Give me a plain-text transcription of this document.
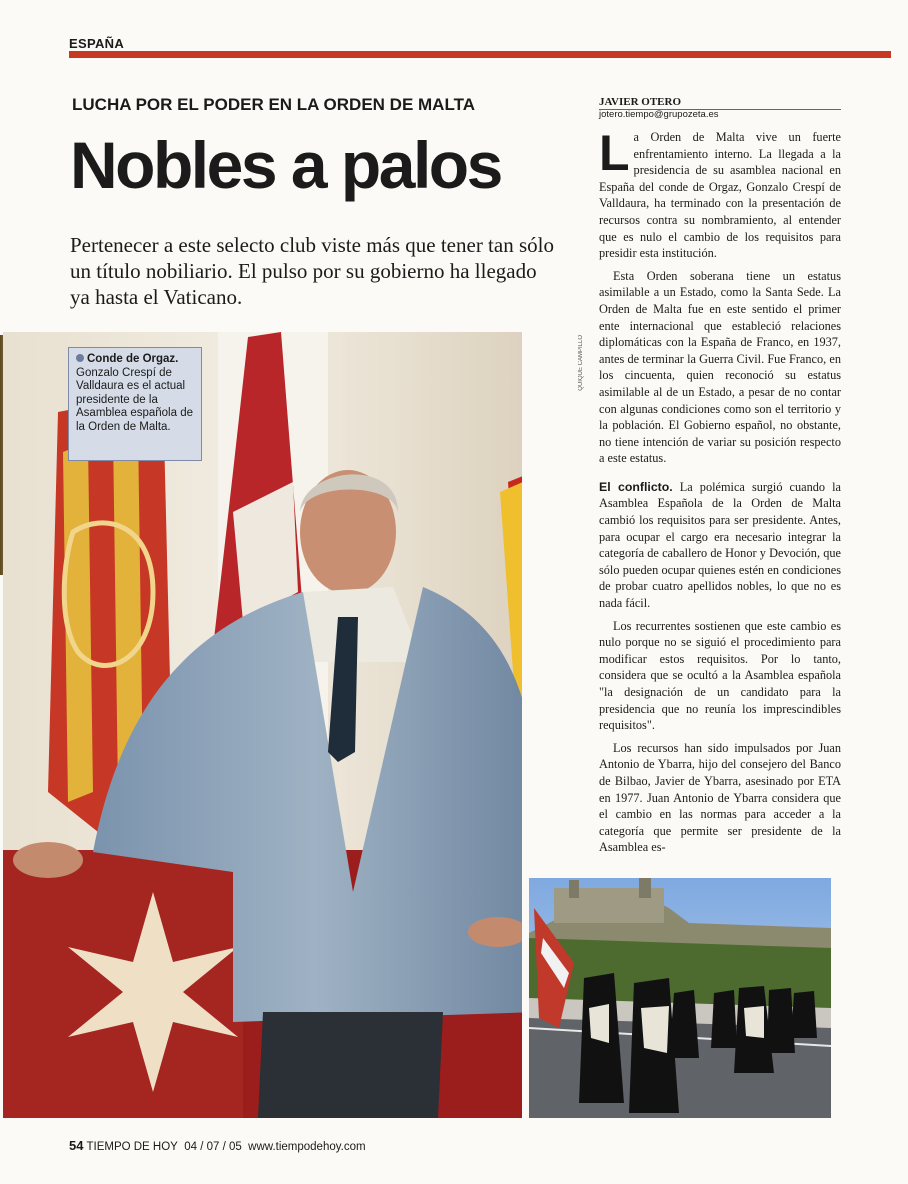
ESPAÑA
LUCHA POR EL PODER EN LA ORDEN DE MALTA
Nobles a palos
Pertenecer a este selecto club viste más que tener tan sólo un título nobiliario. El pulso por su gobierno ha llegado ya hasta el Vaticano.
JAVIER OTERO
jotero.tiempo@grupozeta.es

La Orden de Malta vive un fuerte enfrentamiento interno. La llegada a la presidencia de su asamblea nacional en España del conde de Orgaz, Gonzalo Crespí de Valldaura, ha terminado con la presentación de recursos contra su nombramiento, al entender que es nulo el cambio de los requisitos para presidir esta institución.

Esta Orden soberana tiene un estatus asimilable a un Estado, como la Santa Sede. La Orden de Malta fue en este sentido el primer ente internacional que estableció relaciones diplomáticas con la España de Franco, en 1937, antes de terminar la Guerra Civil. Fue Franco, en los cincuenta, quien reconoció su estatus asimilable al de un Estado, a pesar de no contar con algunas condiciones como son el territorio y la población. El Gobierno español, no obstante, no tiene intención de variar su posición respecto a este estatus.

El conflicto. La polémica surgió cuando la Asamblea Española de la Orden de Malta cambió los requisitos para ser presidente. Antes, para ocupar el cargo era necesario integrar la categoría de caballero de Honor y Devoción, que sólo pueden ocupar quienes estén en condiciones de probar cuatro apellidos nobles, lo que no es nada fácil.

Los recurrentes sostienen que este cambio es nulo porque no se siguió el procedimiento para modificar estos requisitos. Por lo tanto, considera que se ocultó a la Asamblea española "la designación de un candidato para la presidencia que no reunía los imprescindibles requisitos".

Los recursos han sido impulsados por Juan Antonio de Ybarra, hijo del consejero del Banco de Bilbao, Javier de Ybarra, asesinado por ETA en 1977. Juan Antonio de Ybarra considera que el cambio en las normas para acceder a la categoría que permite ser presidente de la Asamblea es-

Conde de Orgaz.
Gonzalo Crespí de Valldaura es el actual presidente de la Asamblea española de la Orden de Malta.
QUIQUE CAMPILLO
54 TIEMPO DE HOY 04 / 07 / 05 www.tiempodehoy.com
